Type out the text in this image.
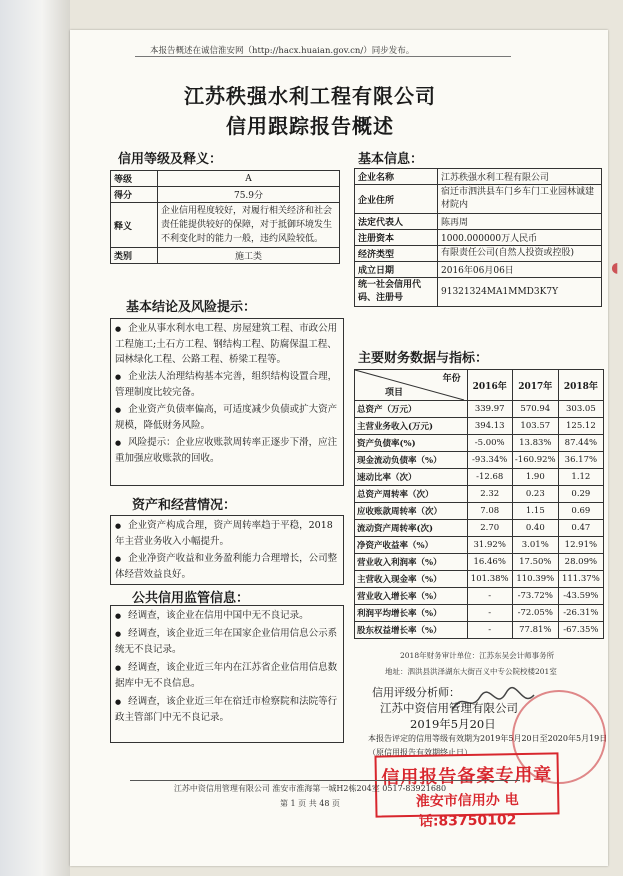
本报告概述在诚信淮安网（http://hacx.huaian.gov.cn/）同步发布。
江苏秩强水利工程有限公司
信用跟踪报告概述
信用等级及释义：
等级	A
得分	75.9分
释义	企业信用程度较好，对履行相关经济和社会责任能提供较好的保障，对于抵御环境发生不利变化时的能力一般，违约风险较低。
类别	施工类
基本信息：
企业名称	江苏秩强水利工程有限公司
企业住所	宿迁市泗洪县车门乡车门工业园林诚建材院内
法定代表人	陈再周
注册资本	1000.000000万人民币
经济类型	有限责任公司(自然人投资或控股)
成立日期	2016年06月06日
统一社会信用代码、注册号	91321324MA1MMD3K7Y
基本结论及风险提示：

● 企业从事水利水电工程、房屋建筑工程、市政公用工程施工;土石方工程、钢结构工程、防腐保温工程、园林绿化工程、公路工程、桥梁工程等。

● 企业法人治理结构基本完善，组织结构设置合理，管理制度比较完备。

● 企业资产负债率偏高，可适度减少负债或扩大资产规模，降低财务风险。

● 风险提示：企业应收账款周转率正逐步下滑，应注重加强应收账款的回收。

资产和经营情况：

● 企业资产构成合理，资产周转率趋于平稳，2018年主营业务收入小幅提升。

● 企业净资产收益和业务盈利能力合理增长，公司整体经营效益良好。

公共信用监管信息：

● 经调查，该企业在信用中国中无不良记录。

● 经调查，该企业近三年在国家企业信用信息公示系统无不良记录。

● 经调查，该企业近三年内在江苏省企业信用信息数据库中无不良信息。

● 经调查，该企业近三年在宿迁市检察院和法院等行政主管部门中无不良记录。

主要财务数据与指标：
年份
项目	2016年	2017年	2018年
总资产（万元）	339.97	570.94	303.05
主营业务收入(万元)	394.13	103.57	125.12
资产负债率(%)	-5.00%	13.83%	87.44%
现金流动负债率（%）	-93.34%	-160.92%	36.17%
速动比率（次）	-12.68	1.90	1.12
总资产周转率（次）	2.32	0.23	0.29
应收账款周转率（次）	7.08	1.15	0.69
流动资产周转率(次)	2.70	0.40	0.47
净资产收益率（%）	31.92%	3.01%	12.91%
营业收入利润率（%）	16.46%	17.50%	28.09%
主营收入现金率（%）	101.38%	110.39%	111.37%
营业收入增长率（%）	-	-73.72%	-43.59%
利润平均增长率（%）	-	-72.05%	-26.31%
股东权益增长率（%）	-	77.81%	-67.35%
2018年财务审计单位：江苏东吴会计师事务所
地址：泗洪县洪泽湖东大街百义中专公院校楼201室
信用评级分析师：
江苏中资信用管理有限公司
2019年5月20日
本报告评定的信用等级有效期为2019年5月20日至2020年5月19日（原信用报告有效期终止日）
◖
信用报告备案专用章
淮安市信用办 电话:83750102
江苏中资信用管理有限公司 淮安市淮海第一城H2栋204室 0517-83921680
第 1 页 共 48 页
